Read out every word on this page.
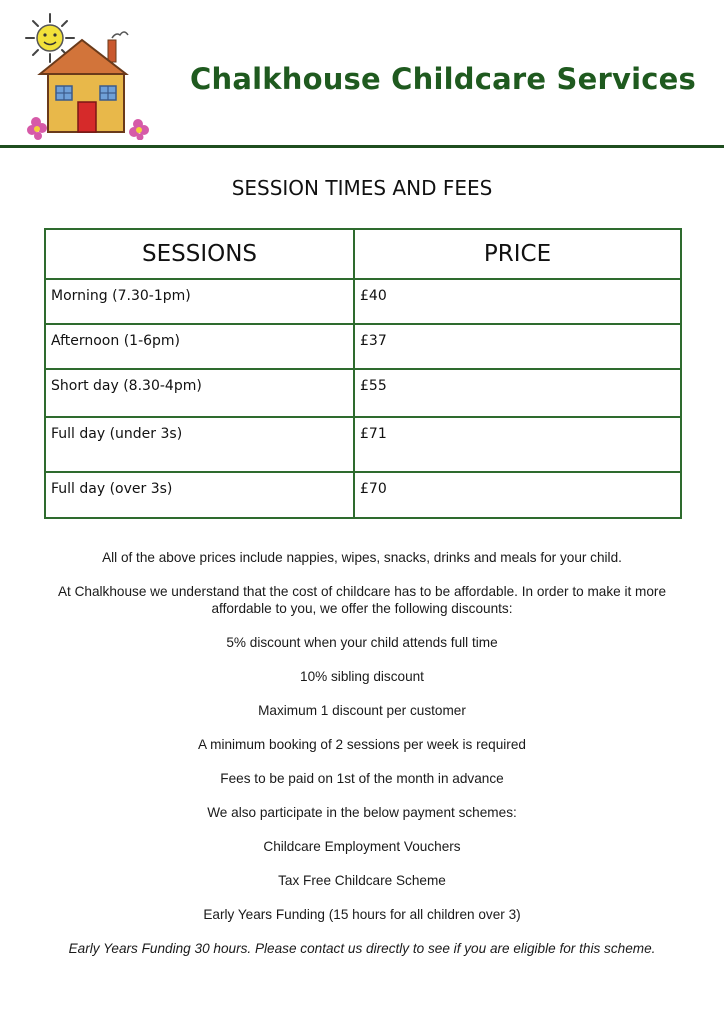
Chalkhouse Childcare Services
SESSION TIMES AND FEES
SESSIONS	PRICE
Morning (7.30-1pm)	£40
Afternoon (1-6pm)	£37
Short day (8.30-4pm)	£55
Full day (under 3s)	£71
Full day (over 3s)	£70

All of the above prices include nappies, wipes, snacks, drinks and meals for your child.

At Chalkhouse we understand that the cost of childcare has to be affordable. In order to make it more affordable to you, we offer the following discounts:

5% discount when your child attends full time

10% sibling discount

Maximum 1 discount per customer

A minimum booking of 2 sessions per week is required

Fees to be paid on 1st of the month in advance

We also participate in the below payment schemes:

Childcare Employment Vouchers

Tax Free Childcare Scheme

Early Years Funding (15 hours for all children over 3)

Early Years Funding 30 hours. Please contact us directly to see if you are eligible for this scheme.
